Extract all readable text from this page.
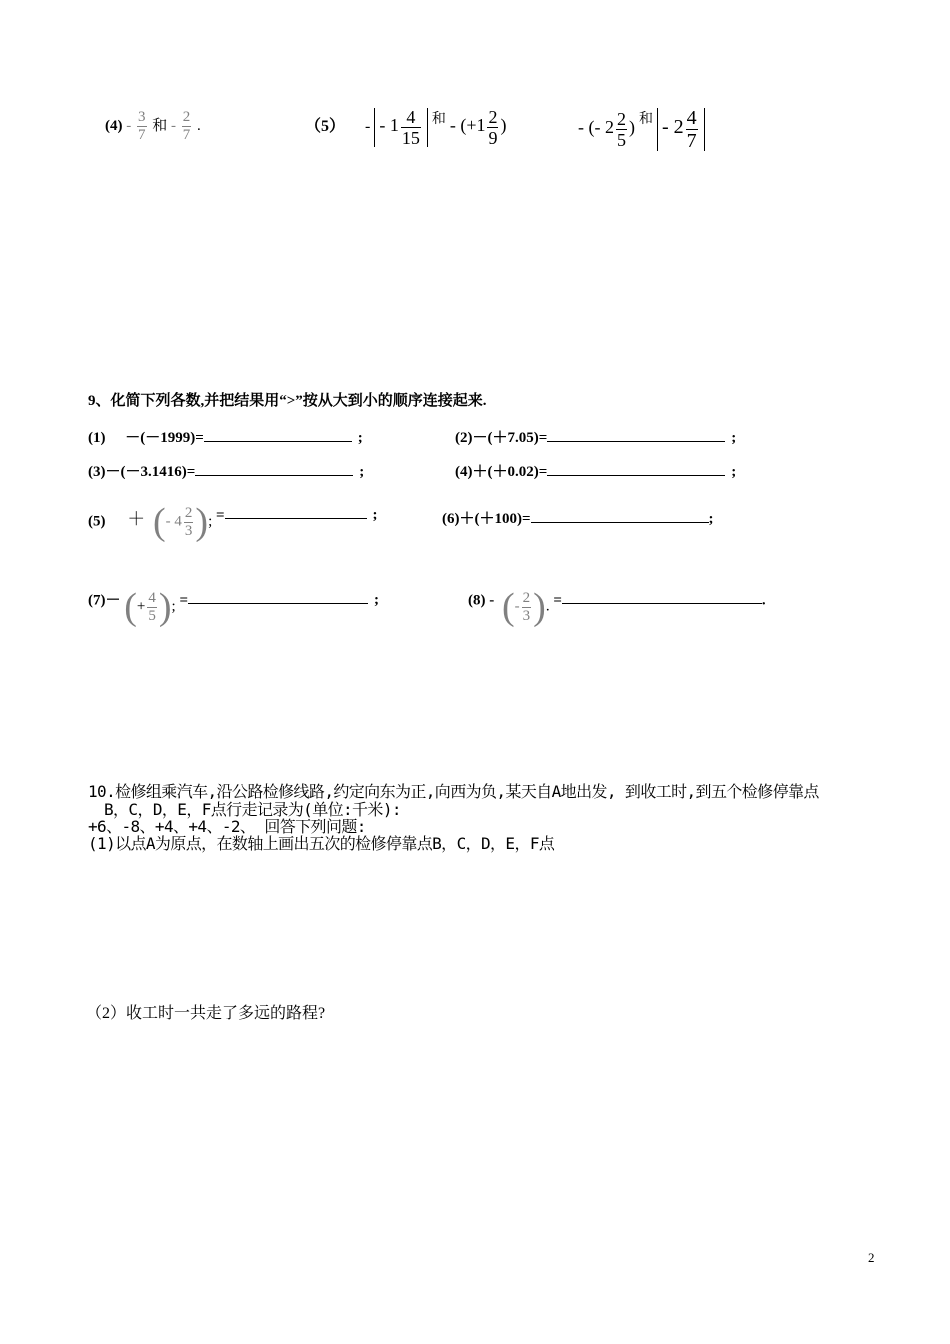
$(4) - \frac{3}{7}$ 和 - $\frac{2}{7}$ .	（5） - - $1 \frac{4}{15}$ 和 - ($+1 \frac{2}{9}$ )	- (- $2 \frac{2}{5}$ ) 和 - $2 \frac{4}{7}$
9、化简下列各数,并把结果用“>”按从大到小的顺序连接起来.
(1) －(－1999)=	;	(2)－(＋7.05)=	;
(3)－(－3.1416)=	;	(4)＋(＋0.02)=	;
(5) ＋ (- $4 \frac{2}{3}$ ); =	;	(6)＋(＋100)=	;
(7)－ (+ $\frac{4}{5}$ ); =	;	(8) - (- $\frac{2}{3}$ ). =	.
10.检修组乘汽车,沿公路检修线路,约定向东为正,向西为负,某天自A地出发, 到收工时,到五个检修停靠点
B，C，D，E，F点行走记录为(单位:千米):
+6、-8、+4、+4、-2、 回答下列问题:
(1)以点A为原点，在数轴上画出五次的检修停靠点B，C，D，E，F点
（2）收工时一共走了多远的路程?
2
